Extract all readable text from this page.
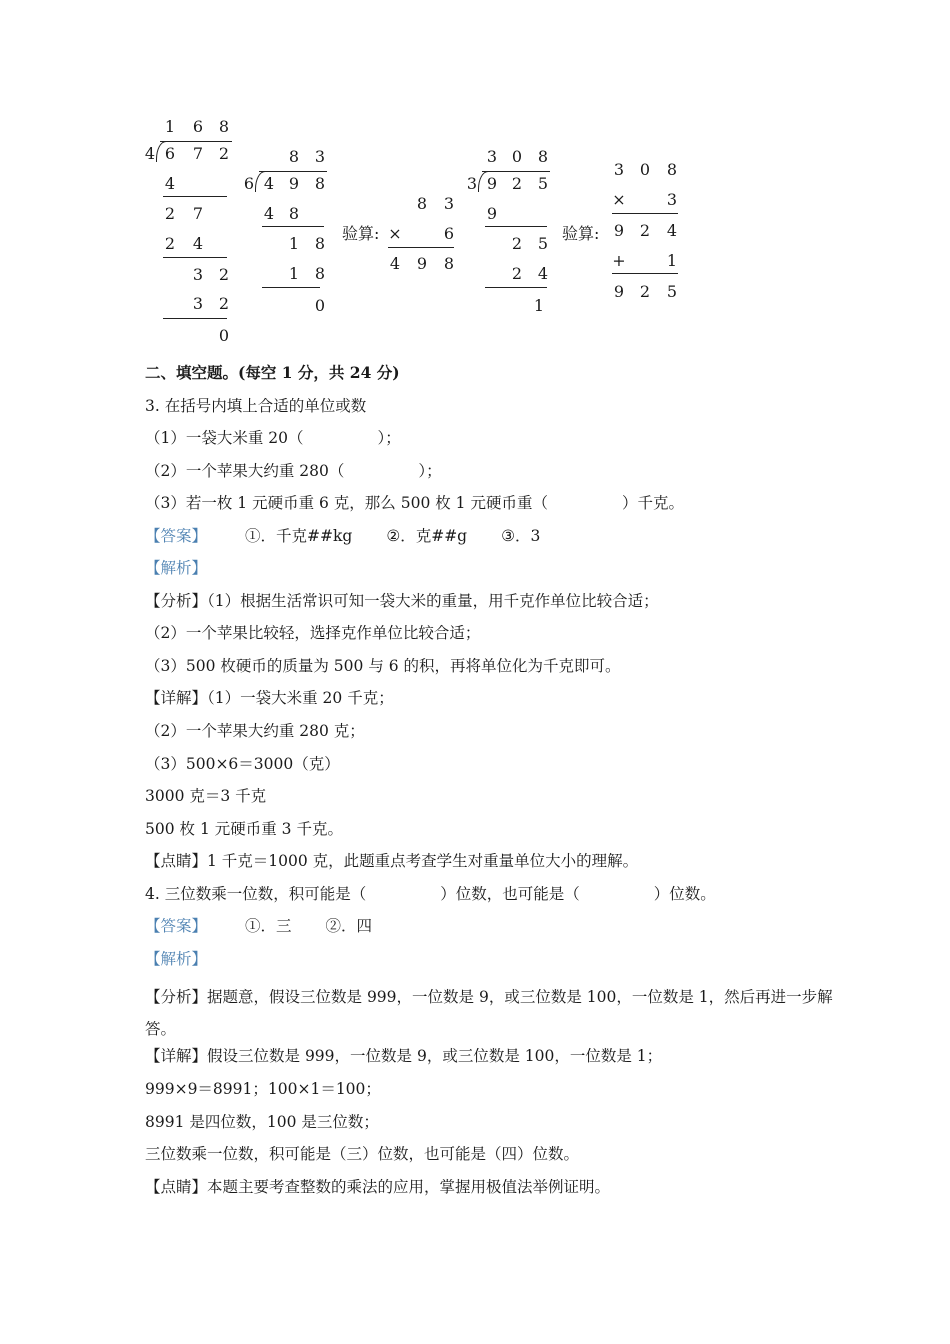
1 6 8
4 6 7 2
4
2 7
2 4
3 2
3 2
0
8 3
6 4 9 8
4 8
1 8
1 8
0
验算:
8 3
×	6
4 9 8
3 0 8
3 9 2 5
9
2 5
2 4
1
验算:
3 0 8
×	3
9 2 4
+	1
9 2 5
二、填空题。(每空 1 分，共 24 分)
3. 在括号内填上合适的单位或数
（1）一袋大米重 20（	）；
（2）一个苹果大约重 280（	）；
（3）若一枚 1 元硬币重 6 克，那么 500 枚 1 元硬币重（	）千克。
【答案】 ①．千克##kg ②．克##g ③．3
【解析】
【分析】（1）根据生活常识可知一袋大米的重量，用千克作单位比较合适；
（2）一个苹果比较轻，选择克作单位比较合适；
（3）500 枚硬币的质量为 500 与 6 的积，再将单位化为千克即可。
【详解】（1）一袋大米重 20 千克；
（2）一个苹果大约重 280 克；
（3）500×6＝3000（克）
3000 克＝3 千克
500 枚 1 元硬币重 3 千克。
【点睛】1 千克＝1000 克，此题重点考查学生对重量单位大小的理解。
4. 三位数乘一位数，积可能是（	）位数，也可能是（	）位数。
【答案】 ①．三 ②．四
【解析】
【分析】据题意，假设三位数是 999，一位数是 9，或三位数是 100，一位数是 1，然后再进一步解答。
【详解】假设三位数是 999，一位数是 9，或三位数是 100，一位数是 1；
999×9＝8991；100×1＝100；
8991 是四位数，100 是三位数；
三位数乘一位数，积可能是（三）位数，也可能是（四）位数。
【点睛】本题主要考查整数的乘法的应用，掌握用极值法举例证明。
